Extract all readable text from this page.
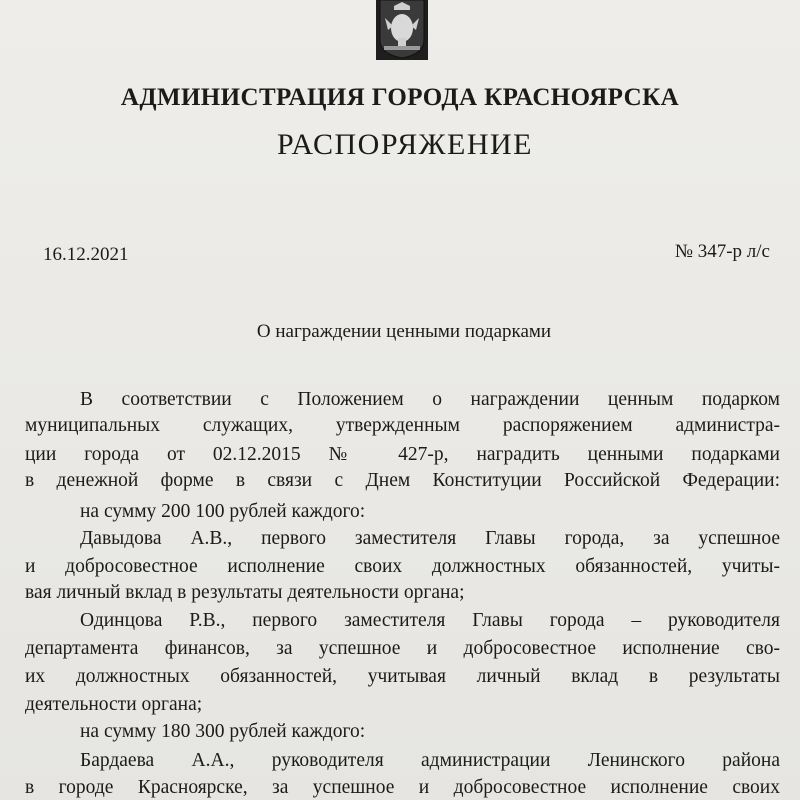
АДМИНИСТРАЦИЯ ГОРОДА КРАСНОЯРСКА
РАСПОРЯЖЕНИЕ
16.12.2021	№ 347-р л/с
О награждении ценными подарками
В соответствии с Положением о награждении ценным подарком
муниципальных служащих, утвержденным распоряжением администра-
ции города от 02.12.2015 № 427-р, наградить ценными подарками
в денежной форме в связи с Днем Конституции Российской Федерации:
на сумму 200 100 рублей каждого:
Давыдова А.В., первого заместителя Главы города, за успешное
и добросовестное исполнение своих должностных обязанностей, учиты-
вая личный вклад в результаты деятельности органа;
Одинцова Р.В., первого заместителя Главы города – руководителя
департамента финансов, за успешное и добросовестное исполнение сво-
их должностных обязанностей, учитывая личный вклад в результаты
деятельности органа;
на сумму 180 300 рублей каждого:
Бардаева А.А., руководителя администрации Ленинского района
в городе Красноярске, за успешное и добросовестное исполнение своих
